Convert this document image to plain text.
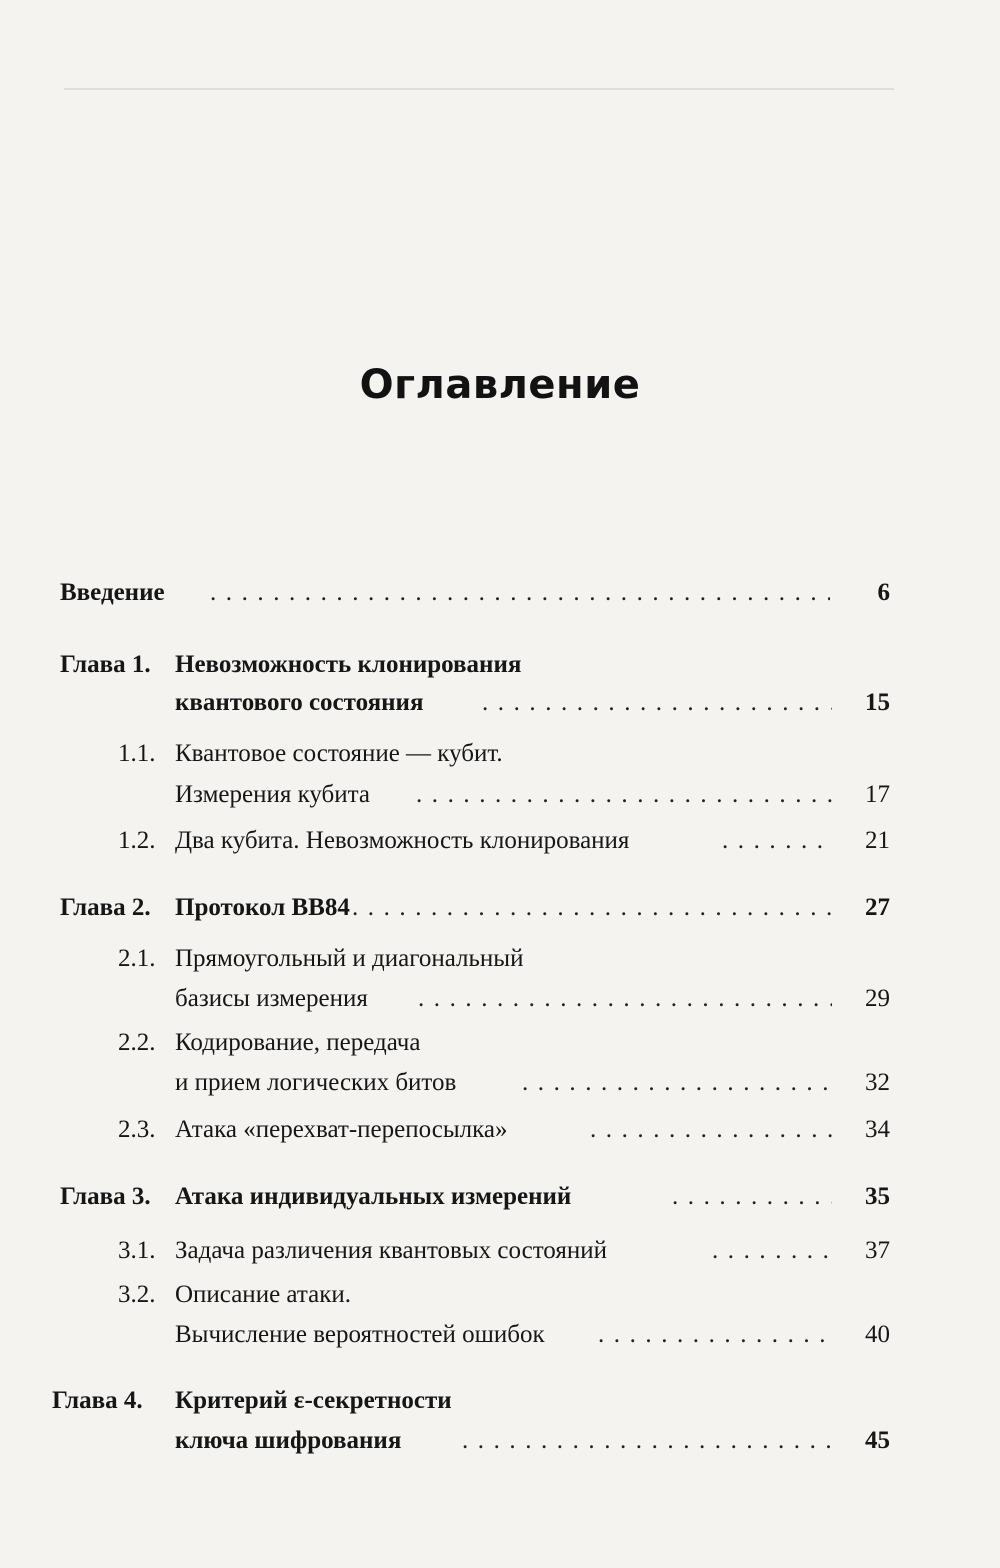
Оглавление
Введение . . .	6
Глава 1. Невозможность клонирования
квантового состояния . . .	15
1.1. Квантовое состояние — кубит.
Измерения кубита . . .	17
1.2. Два кубита. Невозможность клонирования . . .	21
Глава 2. Протокол BB84 . . .	27
2.1. Прямоугольный и диагональный
базисы измерения . . .	29
2.2. Кодирование, передача
и прием логических битов . . .	32
2.3. Атака «перехват-перепосылка» . . .	34
Глава 3. Атака индивидуальных измерений . . .	35
3.1. Задача различения квантовых состояний . . .	37
3.2. Описание атаки.
Вычисление вероятностей ошибок . . .	40
Глава 4. Критерий ε-секретности
ключа шифрования . . .	45
